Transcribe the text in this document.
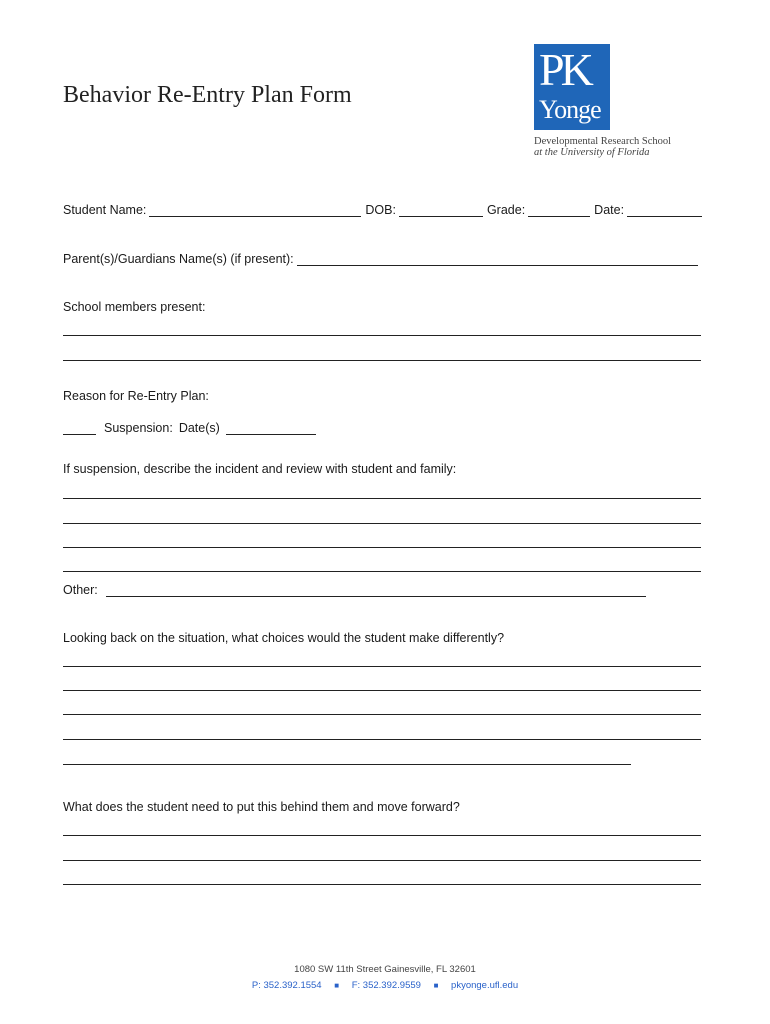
Behavior Re-Entry Plan Form	PK
Yonge
Developmental Research School
at the University of Florida
Student Name:	DOB:	Grade:	Date:
Parent(s)/Guardians Name(s) (if present):
School members present:
Reason for Re-Entry Plan:
Suspension: Date(s)
If suspension, describe the incident and review with student and family:
Other:
Looking back on the situation, what choices would the student make differently?
What does the student need to put this behind them and move forward?
1080 SW 11th Street Gainesville, FL 32601
P: 352.392.1554 ■ F: 352.392.9559 ■ pkyonge.ufl.edu
